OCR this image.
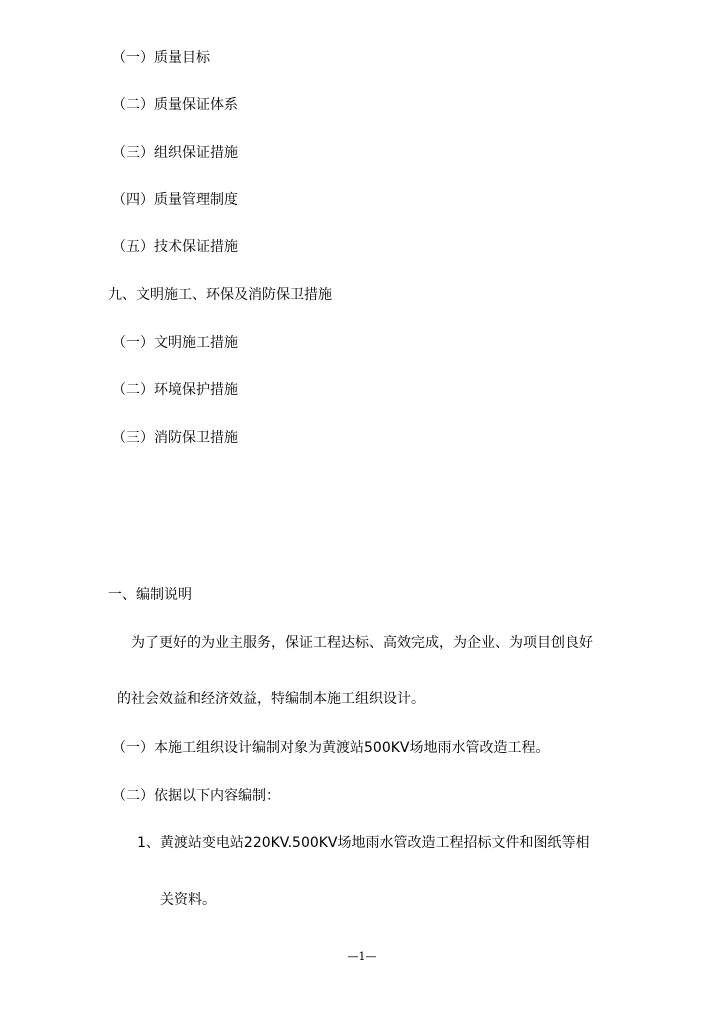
（一）质量目标
（二）质量保证体系
（三）组织保证措施
（四）质量管理制度
（五）技术保证措施
九、文明施工、环保及消防保卫措施
（一）文明施工措施
（二）环境保护措施
（三）消防保卫措施
一、编制说明
为了更好的为业主服务，保证工程达标、高效完成，为企业、为项目创良好
的社会效益和经济效益，特编制本施工组织设计。
（一）本施工组织设计编制对象为黄渡站500KV场地雨水管改造工程。
（二）依据以下内容编制：
1、黄渡站变电站220KV.500KV场地雨水管改造工程招标文件和图纸等相
关资料。
—1—
